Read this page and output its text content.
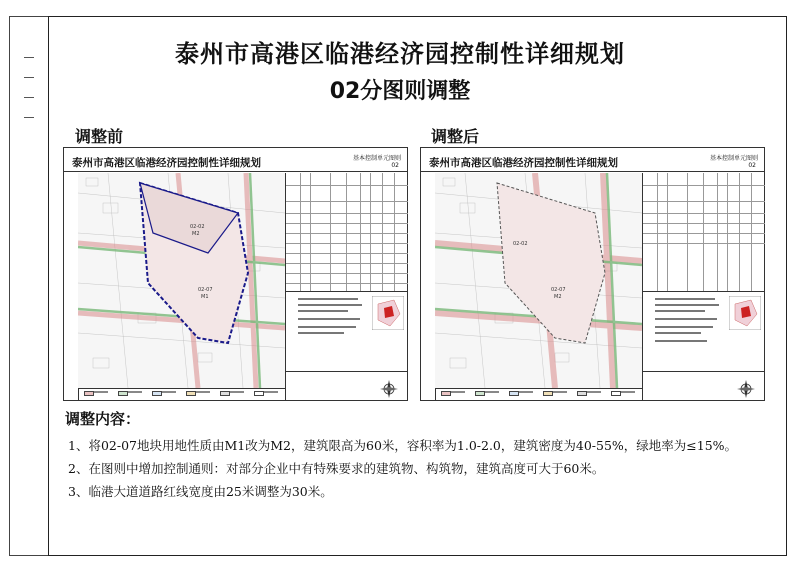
泰州市高港区临港经济园控制性详细规划
02分图则调整
调整前	调整后
泰州市高港区临港经济园控制性详细规划	基本控制单元图则
02
02-02
M2
02-07
M1
泰州市高港区临港经济园控制性详细规划	基本控制单元图则
02
02-02
02-07
M2
调整内容：
1、将02-07地块用地性质由M1改为M2，建筑限高为60米，容积率为1.0-2.0，建筑密度为40-55%，绿地率为≤15%。
2、在图则中增加控制通则：对部分企业中有特殊要求的建筑物、构筑物，建筑高度可大于60米。
3、临港大道道路红线宽度由25米调整为30米。
